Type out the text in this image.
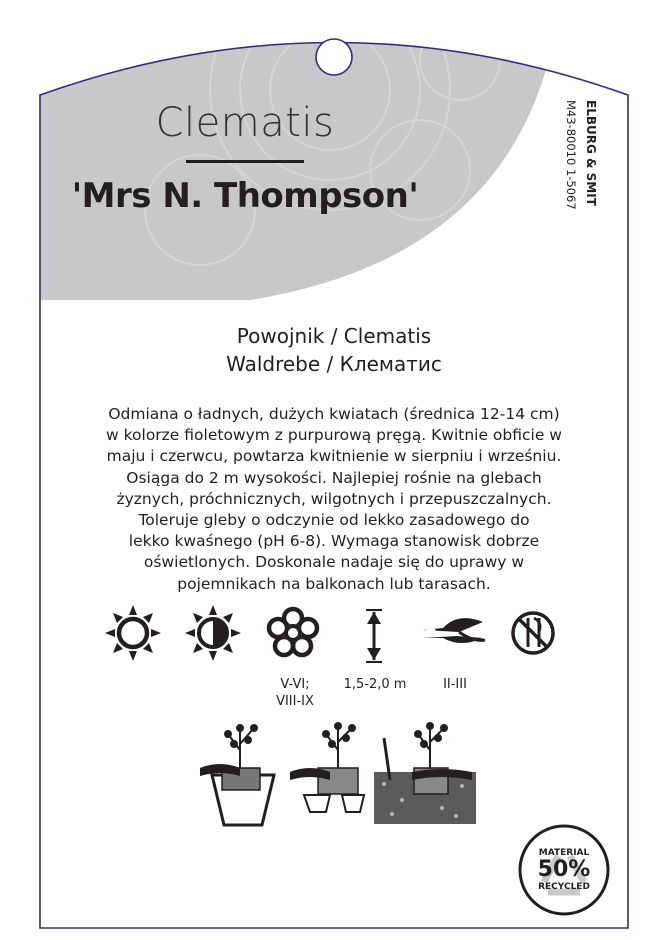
Clematis
'Mrs N. Thompson'	ELBURG & SMIT
M43-80010 1-5067
Powojnik / Clematis
Waldrebe / Клематис
Odmiana o ładnych, dużych kwiatach (średnica 12-14 cm)
w kolorze fioletowym z purpurową pręgą. Kwitnie obficie w
maju i czerwcu, powtarza kwitnienie w sierpniu i wrześniu.
Osiąga do 2 m wysokości. Najlepiej rośnie na glebach
żyznych, próchnicznych, wilgotnych i przepuszczalnych.
Toleruje gleby o odczynie od lekko zasadowego do
lekko kwaśnego (pH 6-8). Wymaga stanowisk dobrze
oświetlonych. Doskonale nadaje się do uprawy w
pojemnikach na balkonach lub tarasach.
V-VI;
VIII-IX
1,5-2,0 m	II-III
MATERIAL
50%
RECYCLED
